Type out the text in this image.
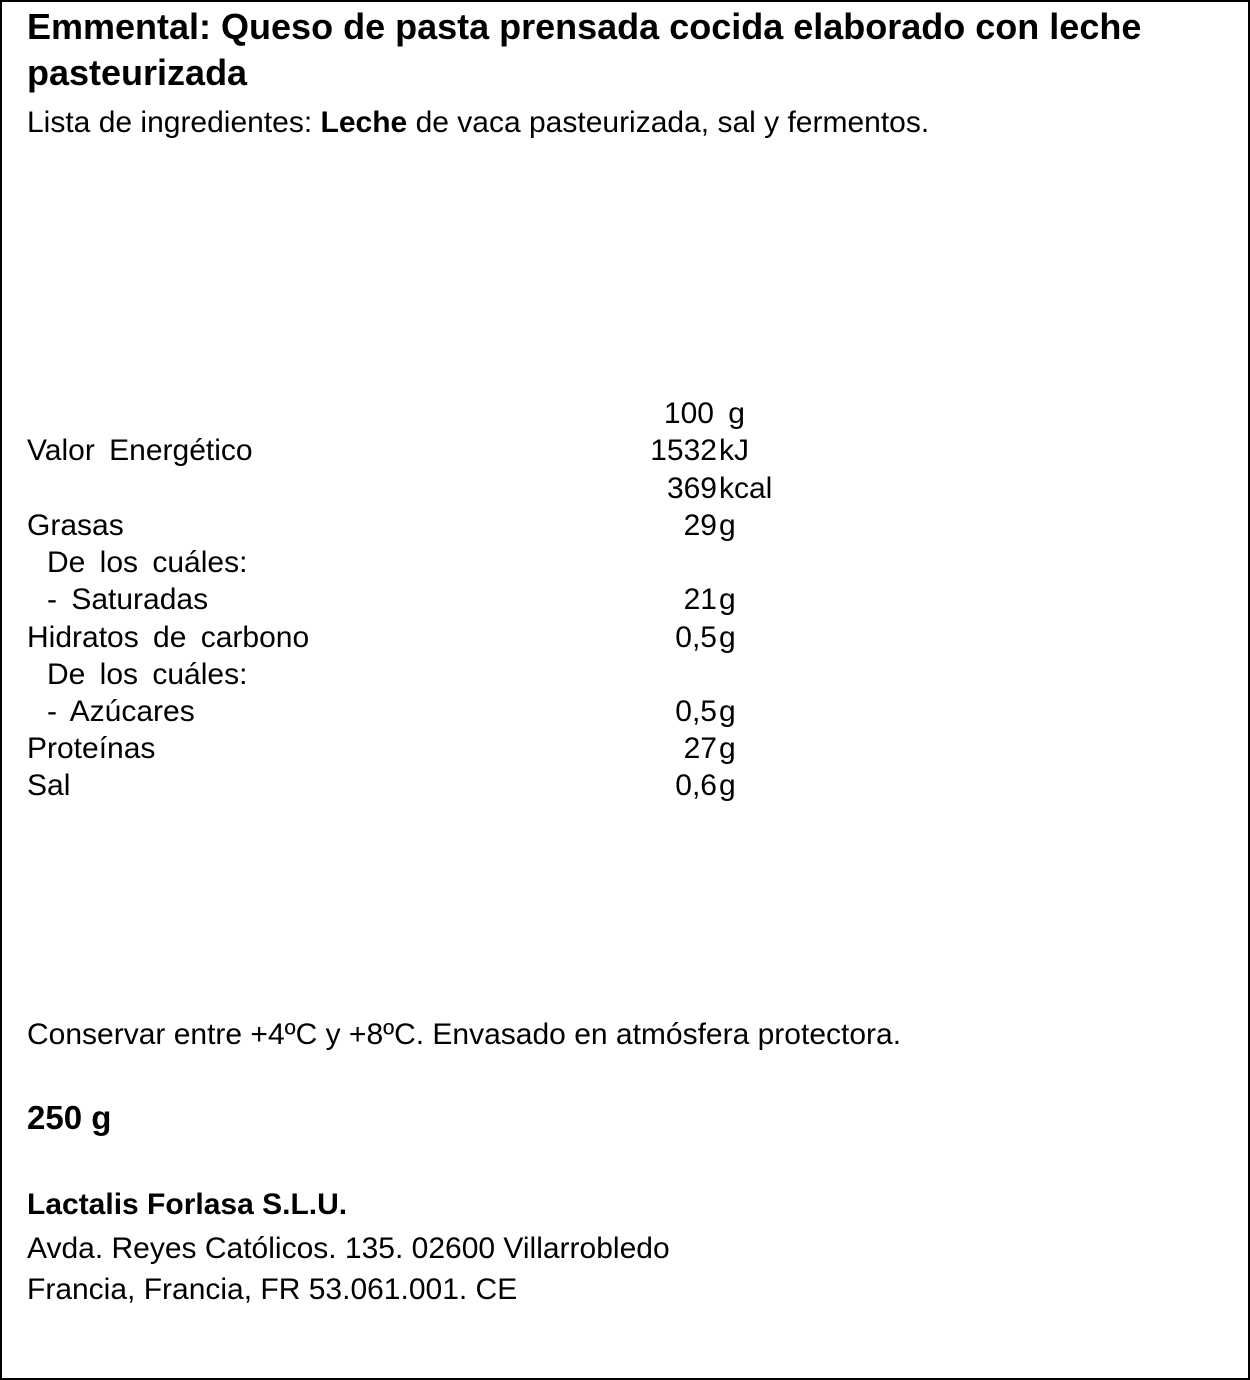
Emmental: Queso de pasta prensada cocida elaborado con leche pasteurizada
Lista de ingredientes: Leche de vaca pasteurizada, sal y fermentos.
100 g
Valor Energético	1532 kJ
369 kcal
Grasas	29 g
De los cuáles:
- Saturadas	21 g
Hidratos de carbono	0,5 g
De los cuáles:
- Azúcares	0,5 g
Proteínas	27 g
Sal	0,6 g
Conservar entre +4ºC y +8ºC. Envasado en atmósfera protectora.
250 g
Lactalis Forlasa S.L.U.
Avda. Reyes Católicos. 135. 02600 Villarrobledo
Francia, Francia, FR 53.061.001. CE
